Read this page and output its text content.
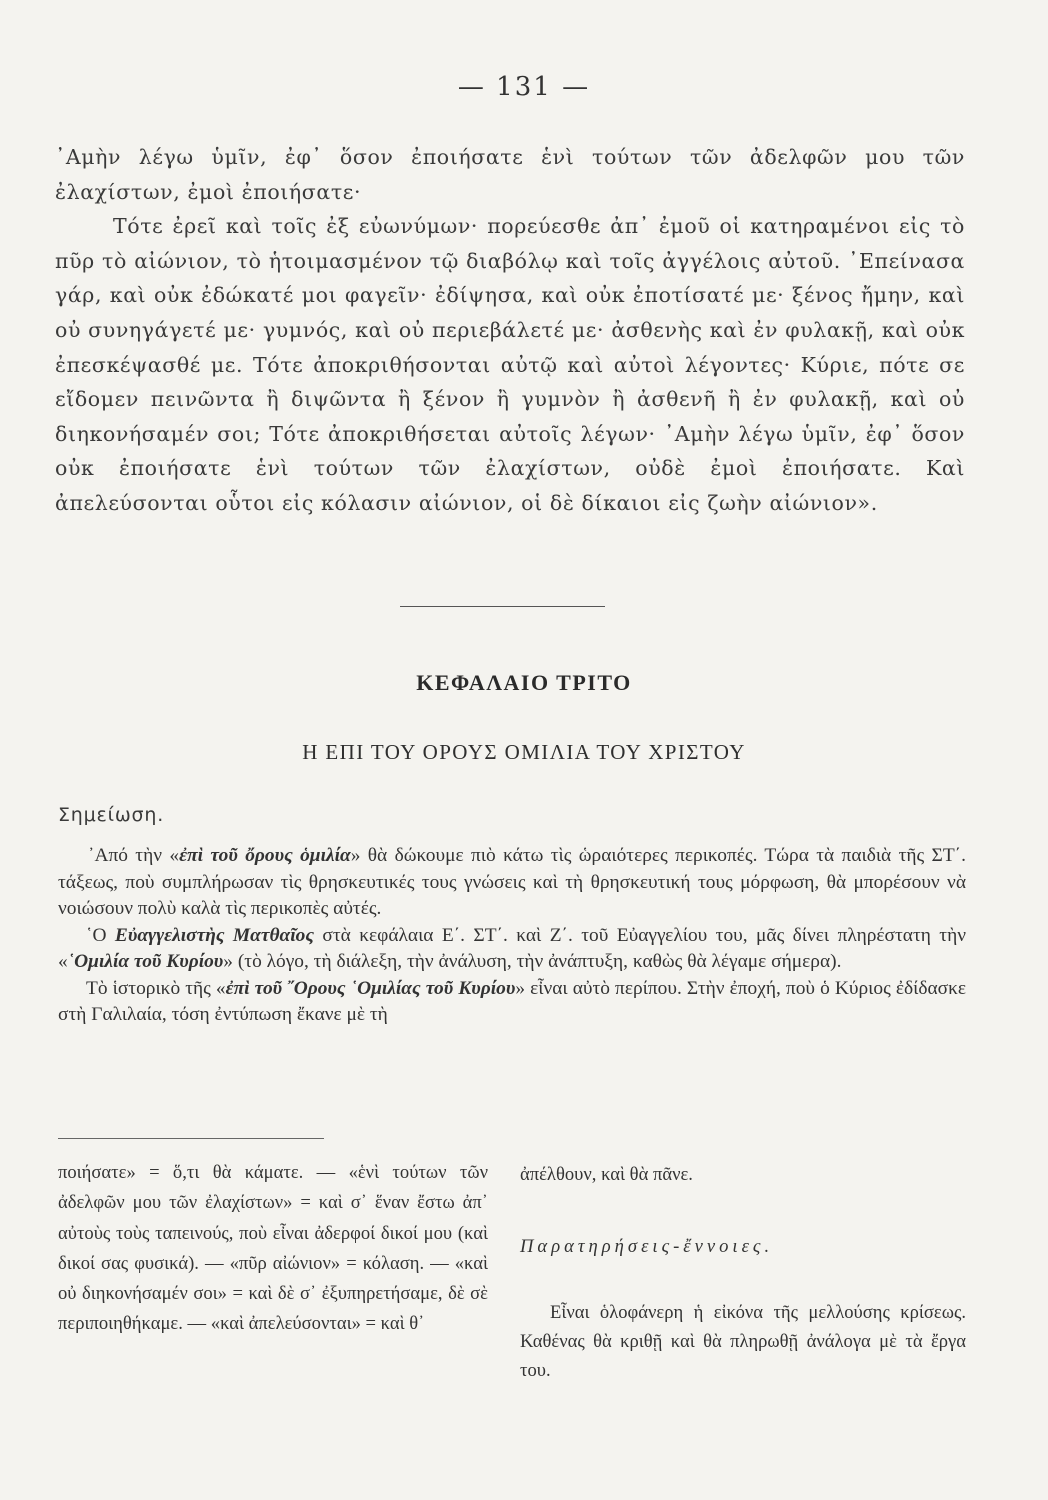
— 131 —

᾿Αμὴν λέγω ὑμῖν, ἐφ᾿ ὅσον ἐποιήσατε ἑνὶ τούτων τῶν ἀδελφῶν μου τῶν ἐλαχίστων, ἐμοὶ ἐποιήσατε·

Τότε ἐρεῖ καὶ τοῖς ἐξ εὐωνύμων· πορεύεσθε ἀπ᾿ ἐμοῦ οἱ κατηραμένοι εἰς τὸ πῦρ τὸ αἰώνιον, τὸ ἡτοιμασμένον τῷ διαβόλῳ καὶ τοῖς ἀγγέλοις αὐτοῦ. ᾿Επείνασα γάρ, καὶ οὐκ ἐδώκατέ μοι φαγεῖν· ἐδίψησα, καὶ οὐκ ἐποτίσατέ με· ξένος ἤμην, καὶ οὐ συνηγάγετέ με· γυμνός, καὶ οὐ περιεβάλετέ με· ἀσθενὴς καὶ ἐν φυλακῇ, καὶ οὐκ ἐπεσκέψασθέ με. Τότε ἀποκριθήσονται αὐτῷ καὶ αὐτοὶ λέγοντες· Κύριε, πότε σε εἴδομεν πεινῶντα ἢ διψῶντα ἢ ξένον ἢ γυμνὸν ἢ ἀσθενῆ ἢ ἐν φυλακῇ, καὶ οὐ διηκονήσαμέν σοι; Τότε ἀποκριθήσεται αὐτοῖς λέγων· ᾿Αμὴν λέγω ὑμῖν, ἐφ᾿ ὅσον οὐκ ἐποιήσατε ἑνὶ τούτων τῶν ἐλαχίστων, οὐδὲ ἐμοὶ ἐποιήσατε. Καὶ ἀπελεύσονται οὗτοι εἰς κόλασιν αἰώνιον, οἱ δὲ δίκαιοι εἰς ζωὴν αἰώνιον».

ΚΕΦΑΛΑΙΟ ΤΡΙΤΟ
Η ΕΠΙ ΤΟΥ ΟΡΟΥΣ ΟΜΙΛΙΑ ΤΟΥ ΧΡΙΣΤΟΥ
Σημείωση.

᾿Από τὴν «ἐπὶ τοῦ ὄρους ὁμιλία» θὰ δώκουμε πιὸ κάτω τὶς ὡραιότερες περικοπές. Τώρα τὰ παιδιὰ τῆς ΣΤ΄. τάξεως, ποὺ συμπλήρωσαν τὶς θρησκευτικές τους γνώσεις καὶ τὴ θρησκευτική τους μόρφωση, θὰ μπορέσουν νὰ νοιώσουν πολὺ καλὰ τὶς περικοπὲς αὐτές.

῾Ο Εὐαγγελιστὴς Ματθαῖος στὰ κεφάλαια Ε΄. ΣΤ΄. καὶ Ζ΄. τοῦ Εὐαγγελίου του, μᾶς δίνει πληρέστατη τὴν «῾Ομιλία τοῦ Κυρίου» (τὸ λόγο, τὴ διάλεξη, τὴν ἀνάλυση, τὴν ἀνάπτυξη, καθὼς θὰ λέγαμε σήμερα).

Τὸ ἱστορικὸ τῆς «ἐπὶ τοῦ ῎Ορους ῾Ομιλίας τοῦ Κυρίου» εἶναι αὐτὸ περίπου. Στὴν ἐποχή, ποὺ ὁ Κύριος ἐδίδασκε στὴ Γαλιλαία, τόση ἐντύπωση ἔκανε μὲ τὴ

ποιήσατε» = ὅ,τι θὰ κάματε. — «ἑνὶ τούτων τῶν ἀδελφῶν μου τῶν ἐλαχίστων» = καὶ σ᾿ ἕναν ἔστω ἀπ᾿ αὐτοὺς τοὺς ταπεινούς, ποὺ εἶναι ἀδερφοί δικοί μου (καὶ δικοί σας φυσικά). — «πῦρ αἰώνιον» = κόλαση. — «καὶ οὐ διηκονήσαμέν σοι» = καὶ δὲ σ᾿ ἐξυπηρετήσαμε, δὲ σὲ περιποιηθήκαμε. — «καὶ ἀπελεύσονται» = καὶ θ᾿

ἀπέλθουν, καὶ θὰ πᾶνε.

Παρατηρήσεις-ἔννοιες.

Εἶναι ὁλοφάνερη ἡ εἰκόνα τῆς μελλούσης κρίσεως. Καθένας θὰ κριθῇ καὶ θὰ πληρωθῇ ἀνάλογα μὲ τὰ ἔργα του.
